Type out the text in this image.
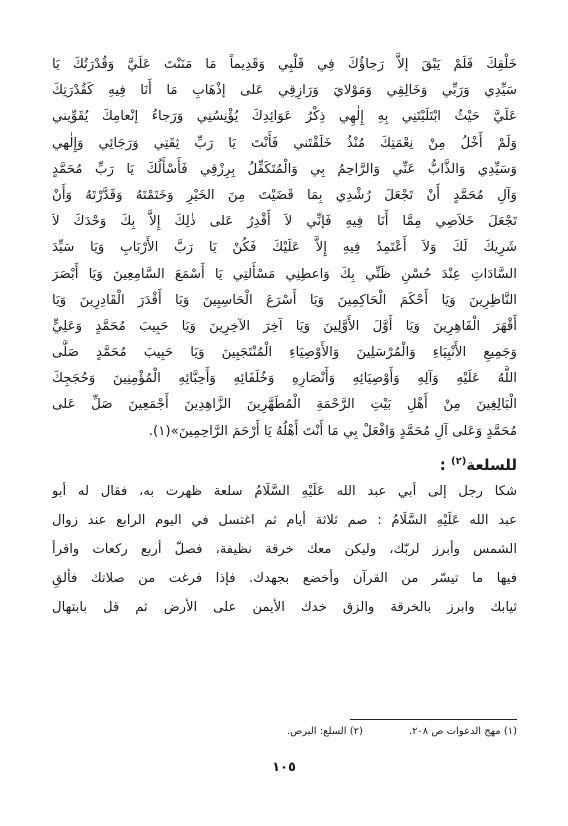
خَلْقِكَ فَلَمْ يَبْقَ إلاَّ رَجاؤُكَ فِي قَلْبِي وَقَدِيماً مَا مَنَنْتَ عَلَيَّ وَقُدْرَتُكَ يَا
سَيِّدِي وَرَبِّي وَخَالِقِي وَمَوْلايَ وَرَازِقِي عَلى إذْهَابِ مَا أَنَا فِيهِ كَقُدْرَتِكَ
عَلَيَّ حَيْثُ ابْتَلَيْتَنِي بِهِ إِلٰهِي ذِكْرُ عَوَائِدِكَ يُؤْنِسُنِي وَرَجاءُ إنْعامِكَ يُقَوِّيني
وَلَمْ أَخْلُ مِنْ نِعْمَتِكَ مُنْذُ خَلَقْتَني فَأَنْتَ يَا رَبِّ ثِقَتِي وَرَجَائِي وَإِلٰهي
وَسَيِّدِي وَالذَّابُّ عَنِّي وَالرَّاحِمُ بِي وَالْمُتَكَفِّلُ بِرِزْقِي فَأَسْأَلُكَ يَا رَبِّ مُحَمَّدٍ
وَآلِ مُحَمَّدٍ أَنْ تَجْعَلَ رُشْدِي بِمَا قَضَيْتَ مِنَ الخَيْرِ وَخَتَمْتَهُ وَقَدَّرْتَهُ وَأَنْ
تَجْعَلَ خَلاَصِي مِمَّا أَنَا فِيهِ فَإنِّي لاَ أَقْدِرُ عَلى ذٰلِكَ إِلاَّ بِكَ وَحْدَكَ لاَ
شَرِيكَ لَكَ وَلاَ أَعْتَمِدُ فِيهِ إِلاَّ عَلَيْكَ فَكُنْ يَا رَبَّ الأَرْبَابِ وَيَا سَيِّدَ
السَّادَاتِ عِنْدَ حُسْنِ ظَنِّي بِكَ وَاعطِنِي مَسْأَلتِي يَا أَسْمَعَ السَّامِعِينَ وَيَا أَبْصَرَ
النَّاظِرِينَ وَيَا أَحْكَمَ الْحَاكِمِينَ وَيَا أَسْرَعَ الْحَاسِبِينَ وَيَا أَقْدَرَ الْقَادِرِينَ وَيَا
أَقْهَرَ الْقَاهِرِينَ وَيَا أَوَّلَ الأَوَّلِينَ وَيَا آخِرَ الآخِرِينَ وَيَا حَبِيبَ مُحَمَّدٍ وَعَلِيٍّ
وَجَمِيعِ الأَنْبِيَاءِ وَالْمُرْسَلِينَ وَالأَوْصِيَاءِ الْمُنْتَجَبِينَ وَيَا حَبِيبَ مُحَمَّدٍ صَلَّى
اللَّهُ عَلَيْهِ وَآلِهِ وَأَوْصِيَائِهِ وَأَنْصَارِهِ وَخُلَفَائِهِ وَأَحِبَّائِهِ الْمُؤْمِنِينَ وَحُجَجِكَ
الْبَالِغِينَ مِنْ أَهْلِ بَيْتِ الرَّحْمَةِ الْمُطَهَّرِينَ الزَّاهِدِينَ أَجْمَعِينَ صَلِّ عَلى
مُحَمَّدٍ وَعَلى آلِ مُحَمَّدٍ وَافْعَلْ بِي مَا أَنْتَ أَهْلُهُ يَا أَرْحَمَ الرَّاحِمِينَ»(١).
للسلعة$^{(٢)}$ :
شكا رجل إلى أبي عبد الله عَلَيْهِ السَّلَامُ سلعة ظهرت به، فقال له أبو
عبد الله عَلَيْهِ السَّلَامُ : صم ثلاثة أيام ثم اغتسل في اليوم الرابع عند زوال
الشمس وأبرز لربّك، وليكن معك خرقة نظيفة، فصلّ أربع ركعات واقرأ
فيها ما تيسّر من القرآن وأخضع بجهدك. فإذا فرغت من صلاتك فألقِ
ثيابك وابرز بالخرقة والزق خدك الأيمن على الأرض ثم قل بابتهال
(١) مهج الدعوات ص ٢٠٨.(٢) السلع: البرص.
١٠٥
